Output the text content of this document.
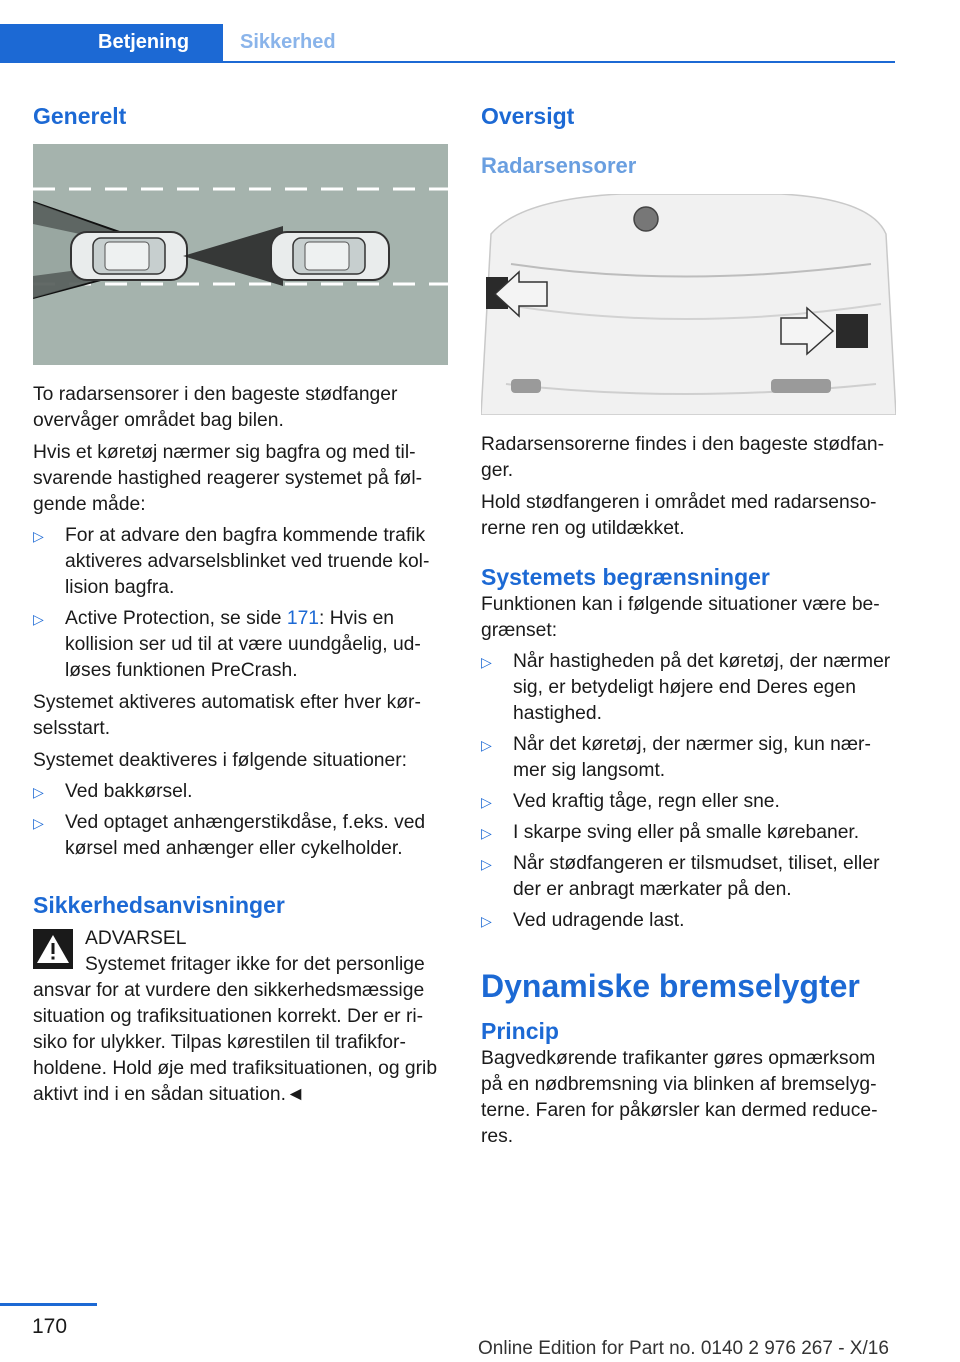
Betjening	Sikkerhed
Generelt

To radarsensorer i den bageste stødfanger overvåger området bag bilen.

Hvis et køretøj nærmer sig bagfra og med tilsvarende hastighed reagerer systemet på følgende måde:

▷ For at advare den bagfra kommende trafik aktiveres advarselsblinket ved truende kollision bagfra.
▷ Active Protection, se side 171: Hvis en kollision ser ud til at være uundgåelig, udløses funktionen PreCrash.

Systemet aktiveres automatisk efter hver kørselsstart.

Systemet deaktiveres i følgende situationer:

▷ Ved bakkørsel.
▷ Ved optaget anhængerstikdåse, f.eks. ved kørsel med anhænger eller cykelholder.
Sikkerhedsanvisninger
ADVARSEL

Systemet fritager ikke for det personlige ansvar for at vurdere den sikkerhedsmæssige situation og trafiksituationen korrekt. Der er risiko for ulykker. Tilpas kørestilen til trafikforholdene. Hold øje med trafiksituationen, og grib aktivt ind i en sådan situation.◄

Oversigt
Radarsensorer

Radarsensorerne findes i den bageste stødfanger.

Hold stødfangeren i området med radarsensorerne ren og utildækket.

Systemets begrænsninger

Funktionen kan i følgende situationer være begrænset:

▷ Når hastigheden på det køretøj, der nærmer sig, er betydeligt højere end Deres egen hastighed.
▷ Når det køretøj, der nærmer sig, kun nærmer sig langsomt.
▷ Ved kraftig tåge, regn eller sne.
▷ I skarpe sving eller på smalle kørebaner.
▷ Når stødfangeren er tilsmudset, tiliset, eller der er anbragt mærkater på den.
▷ Ved udragende last.
Dynamiske bremselygter
Princip

Bagvedkørende trafikanter gøres opmærksom på en nødbremsning via blinken af bremselygterne. Faren for påkørsler kan dermed reduceres.

170
Online Edition for Part no. 0140 2 976 267 - X/16
